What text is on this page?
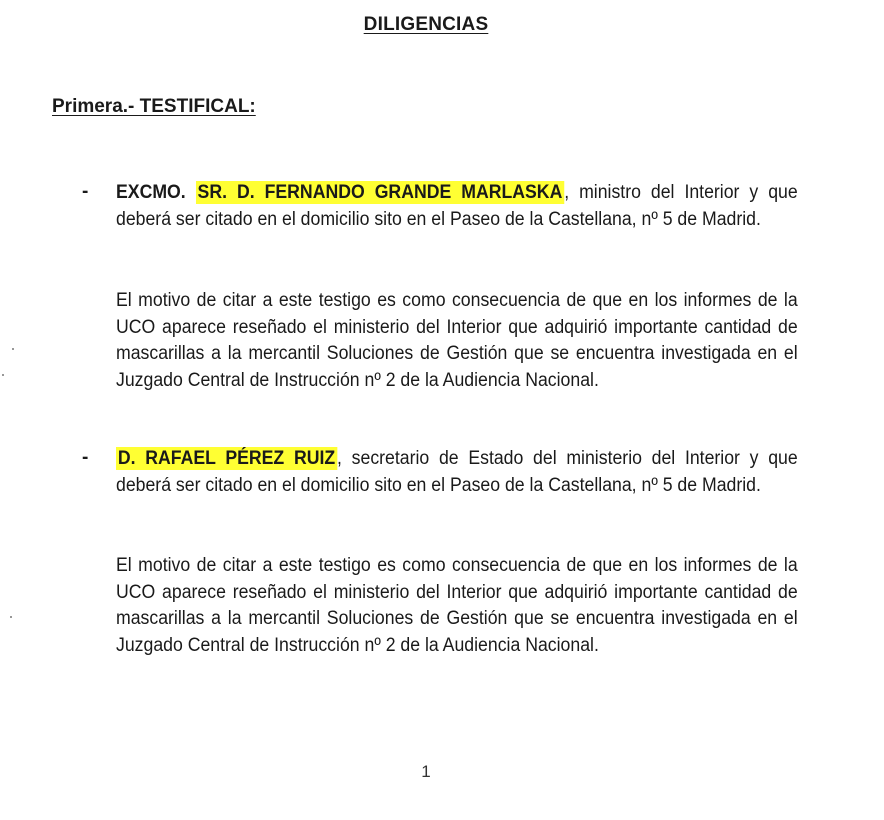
DILIGENCIAS
Primera.- TESTIFICAL:
- EXCMO. SR. D. FERNANDO GRANDE MARLASKA, ministro del Interior y que deberá ser citado en el domicilio sito en el Paseo de la Castellana, nº 5 de Madrid.

El motivo de citar a este testigo es como consecuencia de que en los informes de la UCO aparece reseñado el ministerio del Interior que adquirió importante cantidad de mascarillas a la mercantil Soluciones de Gestión que se encuentra investigada en el Juzgado Central de Instrucción nº 2 de la Audiencia Nacional.

- D. RAFAEL PÉREZ RUIZ, secretario de Estado del ministerio del Interior y que deberá ser citado en el domicilio sito en el Paseo de la Castellana, nº 5 de Madrid.

El motivo de citar a este testigo es como consecuencia de que en los informes de la UCO aparece reseñado el ministerio del Interior que adquirió importante cantidad de mascarillas a la mercantil Soluciones de Gestión que se encuentra investigada en el Juzgado Central de Instrucción nº 2 de la Audiencia Nacional.

1
